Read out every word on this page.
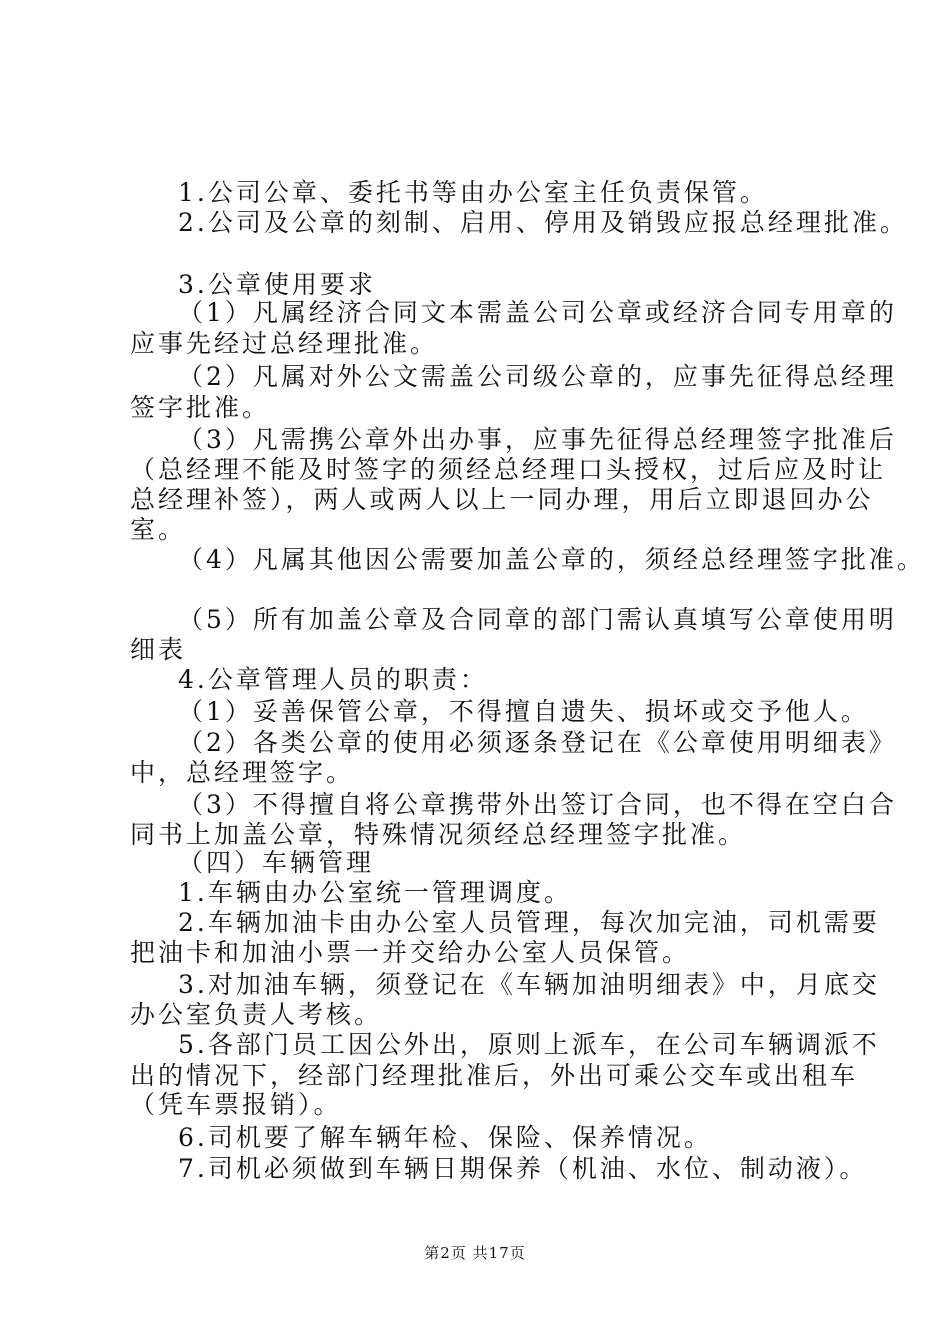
1.公司公章、委托书等由办公室主任负责保管。
2.公司及公章的刻制、启用、停用及销毁应报总经理批准。
3.公章使用要求
（1）凡属经济合同文本需盖公司公章或经济合同专用章的
应事先经过总经理批准。
（2）凡属对外公文需盖公司级公章的，应事先征得总经理
签字批准。
（3）凡需携公章外出办事，应事先征得总经理签字批准后
（总经理不能及时签字的须经总经理口头授权，过后应及时让
总经理补签），两人或两人以上一同办理，用后立即退回办公
室。
（4）凡属其他因公需要加盖公章的，须经总经理签字批准。
（5）所有加盖公章及合同章的部门需认真填写公章使用明
细表
4.公章管理人员的职责：
（1）妥善保管公章，不得擅自遗失、损坏或交予他人。
（2）各类公章的使用必须逐条登记在《公章使用明细表》
中，总经理签字。
（3）不得擅自将公章携带外出签订合同，也不得在空白合
同书上加盖公章，特殊情况须经总经理签字批准。
（四）车辆管理
1.车辆由办公室统一管理调度。
2.车辆加油卡由办公室人员管理，每次加完油，司机需要
把油卡和加油小票一并交给办公室人员保管。
3.对加油车辆，须登记在《车辆加油明细表》中，月底交
办公室负责人考核。
5.各部门员工因公外出，原则上派车，在公司车辆调派不
出的情况下，经部门经理批准后，外出可乘公交车或出租车
（凭车票报销）。
6.司机要了解车辆年检、保险、保养情况。
7.司机必须做到车辆日期保养（机油、水位、制动液）。
第2页 共17页
